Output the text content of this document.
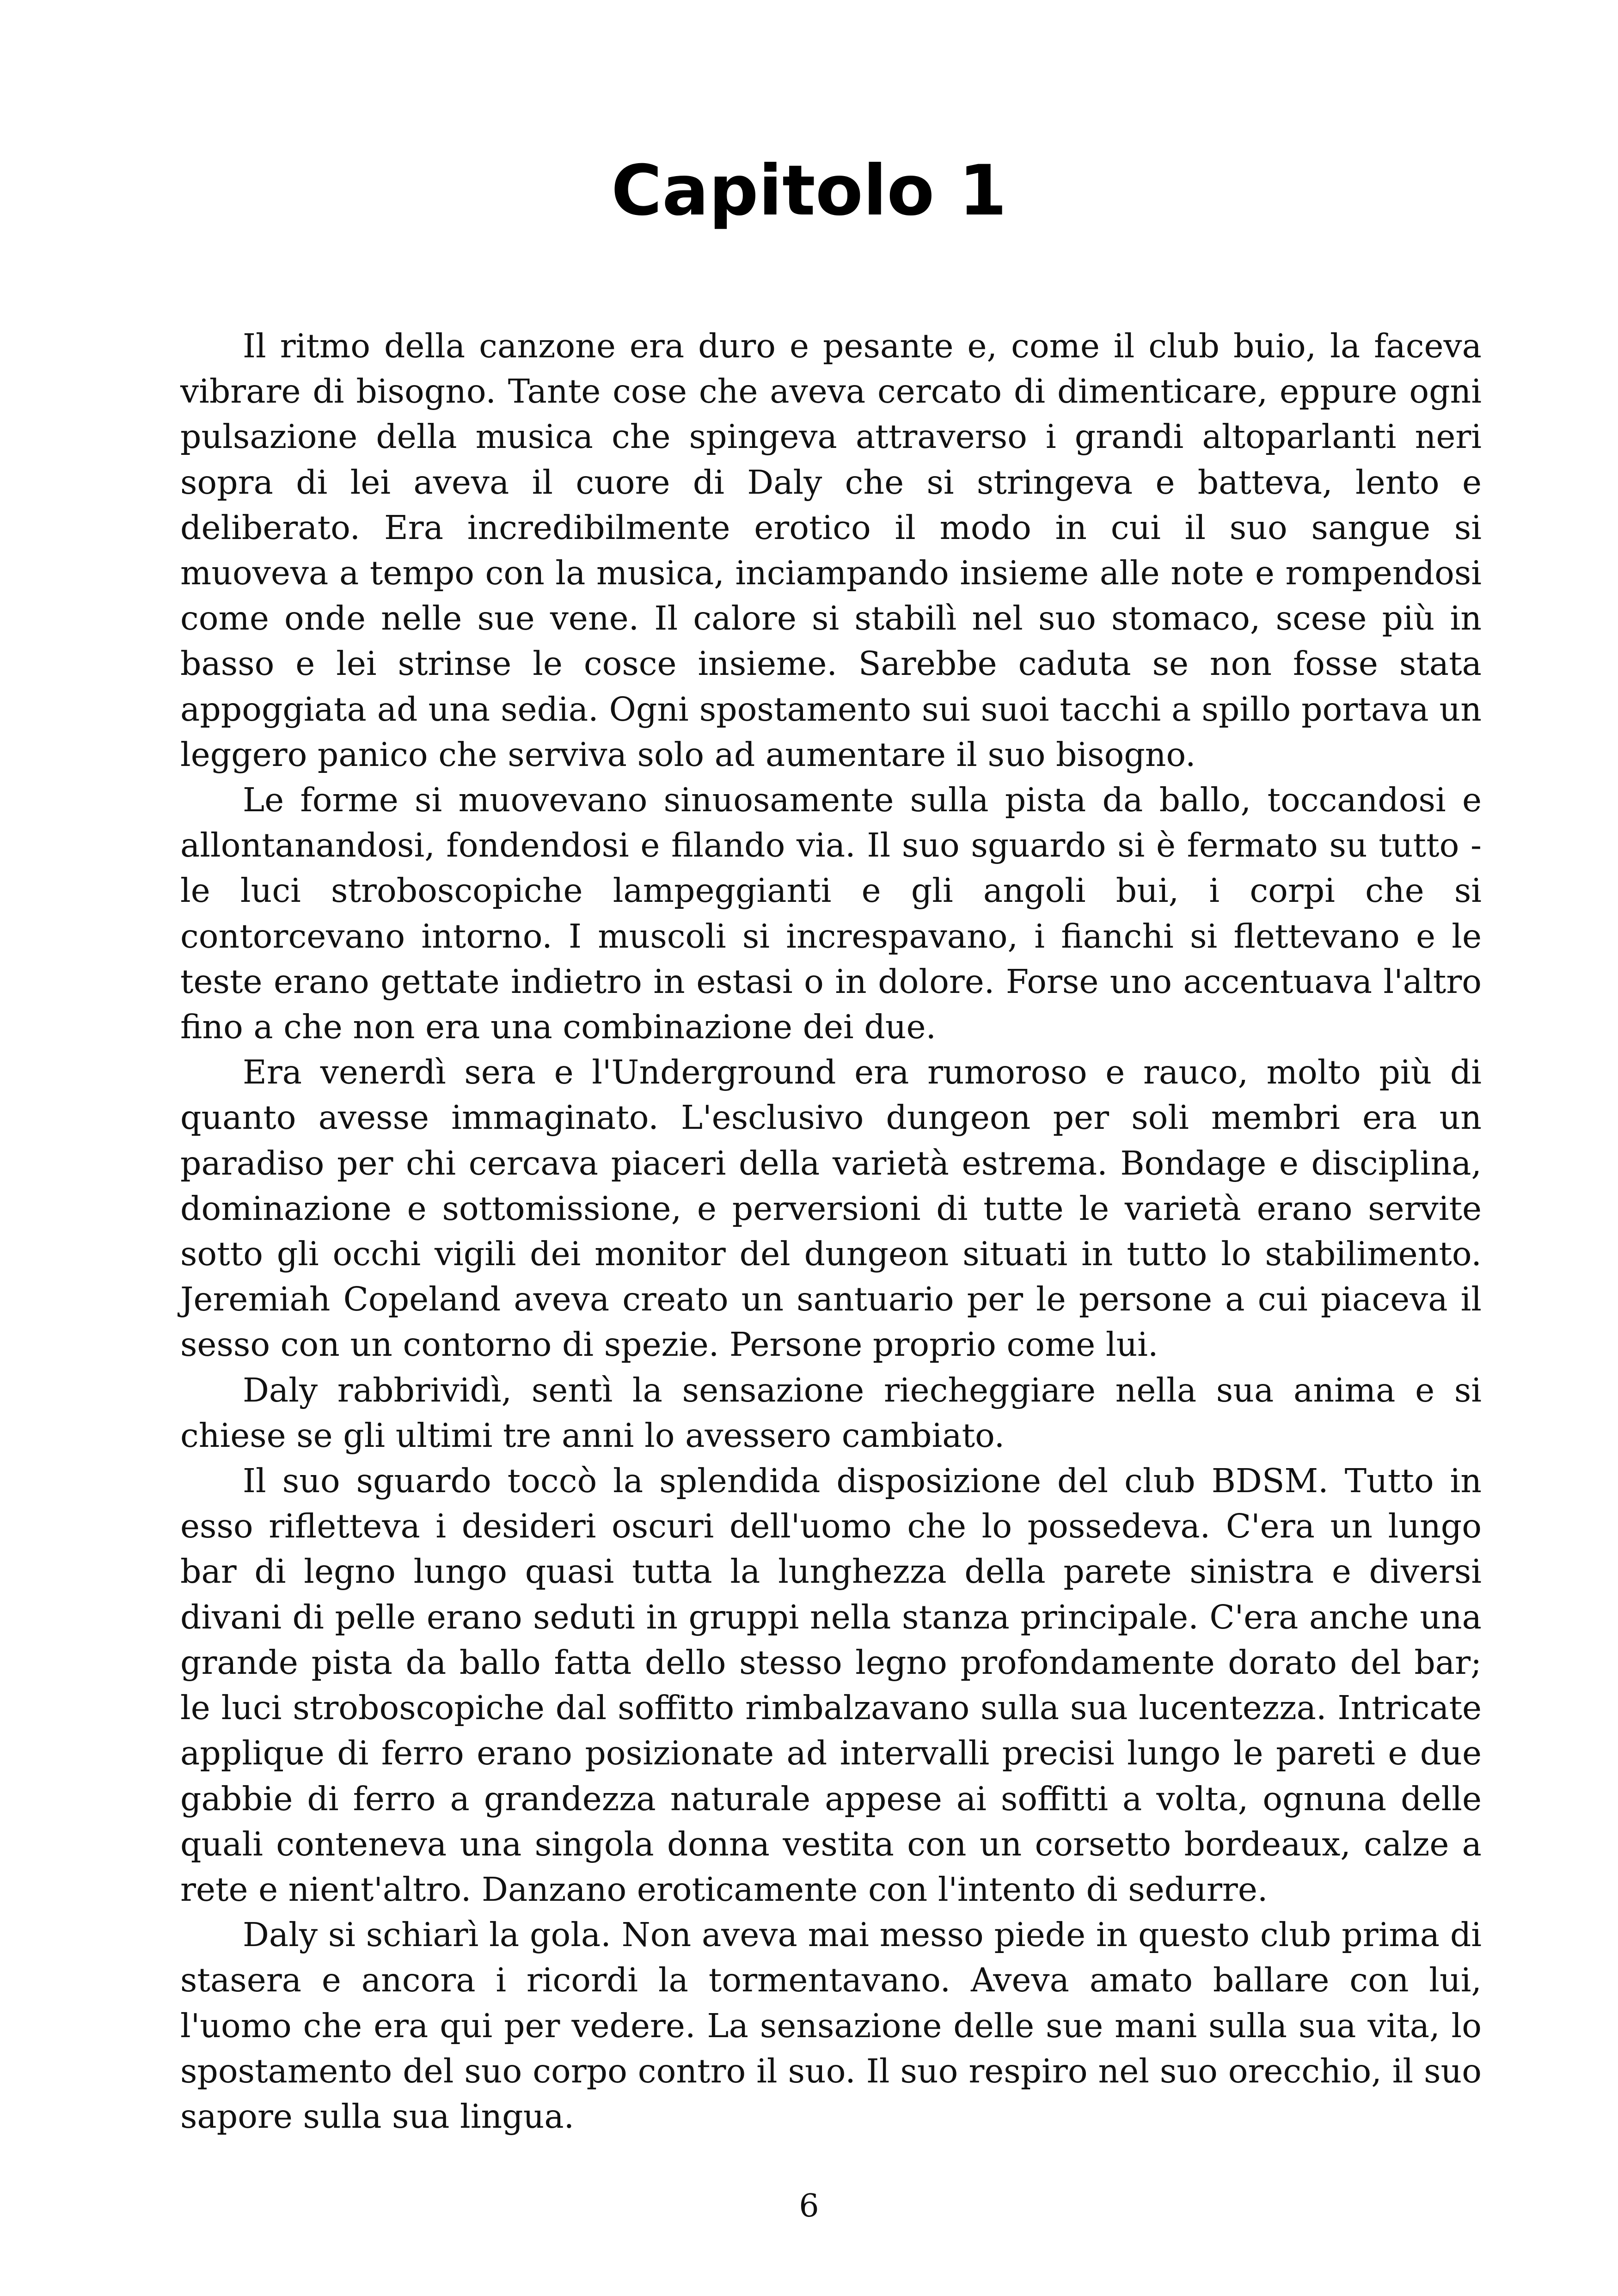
Capitolo 1

Il ritmo della canzone era duro e pesante e, come il club buio, la faceva vibrare di bisogno. Tante cose che aveva cercato di dimenticare, eppure ogni pulsazione della musica che spingeva attraverso i grandi altoparlanti neri sopra di lei aveva il cuore di Daly che si stringeva e batteva, lento e deliberato. Era incredibilmente erotico il modo in cui il suo sangue si muoveva a tempo con la musica, inciampando insieme alle note e rompendosi come onde nelle sue vene. Il calore si stabilì nel suo stomaco, scese più in basso e lei strinse le cosce insieme. Sarebbe caduta se non fosse stata appoggiata ad una sedia. Ogni spostamento sui suoi tacchi a spillo portava un leggero panico che serviva solo ad aumentare il suo bisogno.

Le forme si muovevano sinuosamente sulla pista da ballo, toccandosi e allontanandosi, fondendosi e filando via. Il suo sguardo si è fermato su tutto - le luci stroboscopiche lampeggianti e gli angoli bui, i corpi che si contorcevano intorno. I muscoli si increspavano, i fianchi si flettevano e le teste erano gettate indietro in estasi o in dolore. Forse uno accentuava l'altro fino a che non era una combinazione dei due.

Era venerdì sera e l'Underground era rumoroso e rauco, molto più di quanto avesse immaginato. L'esclusivo dungeon per soli membri era un paradiso per chi cercava piaceri della varietà estrema. Bondage e disciplina, dominazione e sottomissione, e perversioni di tutte le varietà erano servite sotto gli occhi vigili dei monitor del dungeon situati in tutto lo stabilimento. Jeremiah Copeland aveva creato un santuario per le persone a cui piaceva il sesso con un contorno di spezie. Persone proprio come lui.

Daly rabbrividì, sentì la sensazione riecheggiare nella sua anima e si chiese se gli ultimi tre anni lo avessero cambiato.

Il suo sguardo toccò la splendida disposizione del club BDSM. Tutto in esso rifletteva i desideri oscuri dell'uomo che lo possedeva. C'era un lungo bar di legno lungo quasi tutta la lunghezza della parete sinistra e diversi divani di pelle erano seduti in gruppi nella stanza principale. C'era anche una grande pista da ballo fatta dello stesso legno profondamente dorato del bar; le luci stroboscopiche dal soffitto rimbalzavano sulla sua lucentezza. Intricate applique di ferro erano posizionate ad intervalli precisi lungo le pareti e due gabbie di ferro a grandezza naturale appese ai soffitti a volta, ognuna delle quali conteneva una singola donna vestita con un corsetto bordeaux, calze a rete e nient'altro. Danzano eroticamente con l'intento di sedurre.

Daly si schiarì la gola. Non aveva mai messo piede in questo club prima di stasera e ancora i ricordi la tormentavano. Aveva amato ballare con lui, l'uomo che era qui per vedere. La sensazione delle sue mani sulla sua vita, lo spostamento del suo corpo contro il suo. Il suo respiro nel suo orecchio, il suo sapore sulla sua lingua.

6
